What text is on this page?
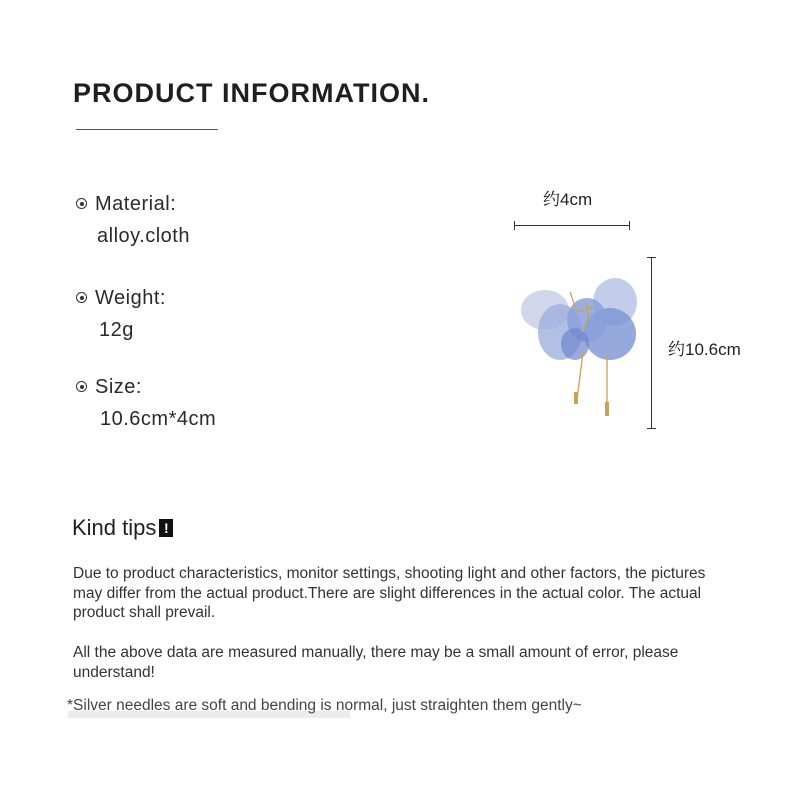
PRODUCT INFORMATION.
Material:
alloy.cloth
Weight:
12g
Size:
10.6cm*4cm
约4cm
约10.6cm
Kind tips !
Due to product characteristics, monitor settings, shooting light and other factors, the pictures may differ from the actual product.There are slight differences in the actual color. The actual product shall prevail.
All the above data are measured manually, there may be a small amount of error, please understand!
*Silver needles are soft and bending is normal, just straighten them gently~
